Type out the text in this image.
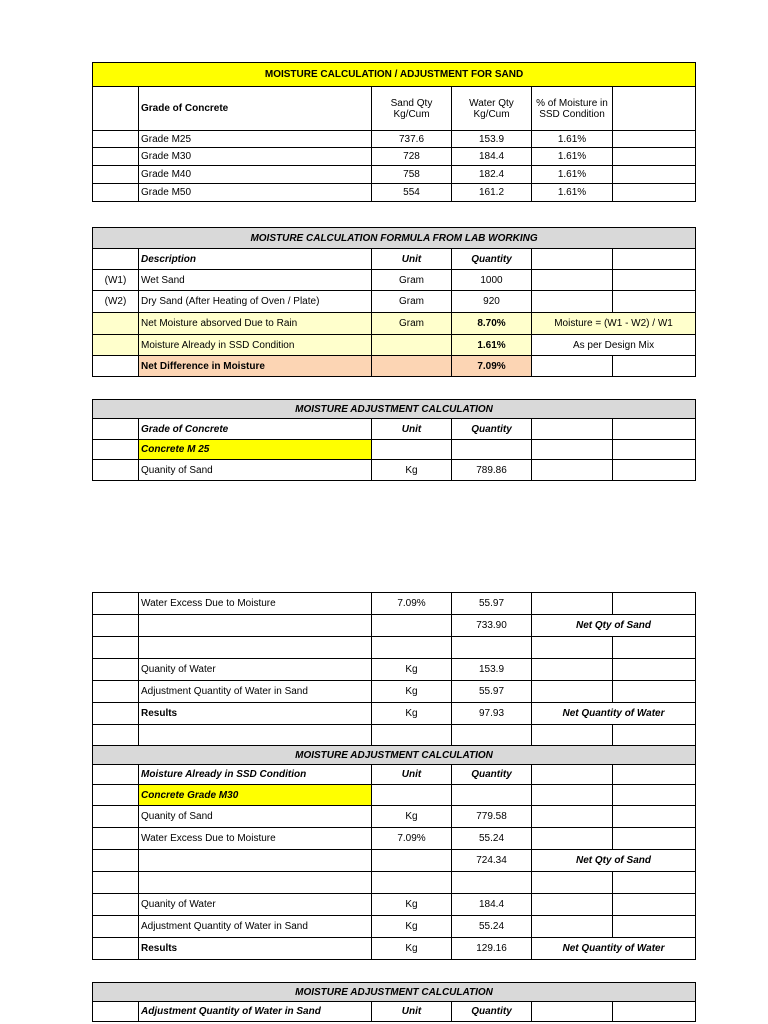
MOISTURE CALCULATION / ADJUSTMENT FOR SAND					
	Grade of Concrete	Sand Qty Kg/Cum	Water Qty Kg/Cum	% of Moisture in SSD Condition	
	Grade M25	737.6	153.9	1.61%	
	Grade M30	728	184.4	1.61%	
	Grade M40	758	182.4	1.61%	
	Grade M50	554	161.2	1.61%	
MOISTURE CALCULATION FORMULA FROM LAB WORKING					
	Description	Unit	Quantity		
(W1)	Wet Sand	Gram	1000		
(W2)	Dry Sand (After Heating of Oven / Plate)	Gram	920		
	Net Moisture absorved Due to Rain	Gram	8.70%	Moisture = (W1 - W2) / W1	
	Moisture Already in SSD Condition		1.61%	As per Design Mix	
	Net Difference in Moisture		7.09%		
MOISTURE ADJUSTMENT CALCULATION					
	Grade of Concrete	Unit	Quantity		
	Concrete M 25				
	Quanity of Sand	Kg	789.86		
	Water Excess Due to Moisture	7.09%	55.97		
			733.90	Net Qty of Sand	

	Quanity of Water	Kg	153.9		
	Adjustment Quantity of Water in Sand	Kg	55.97		
	Results	Kg	97.93	Net Quantity of Water	

MOISTURE ADJUSTMENT CALCULATION					
	Moisture Already in SSD Condition	Unit	Quantity		
	Concrete Grade M30				
	Quanity of Sand	Kg	779.58		
	Water Excess Due to Moisture	7.09%	55.24		
			724.34	Net Qty of Sand	

	Quanity of Water	Kg	184.4		
	Adjustment Quantity of Water in Sand	Kg	55.24		
	Results	Kg	129.16	Net Quantity of Water	
MOISTURE ADJUSTMENT CALCULATION
	Adjustment Quantity of Water in Sand	Unit	Quantity		
